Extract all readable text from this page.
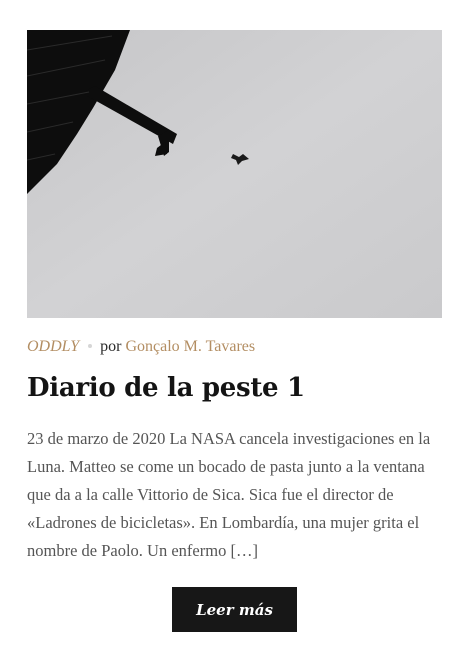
ODDLY por Gonçalo M. Tavares
Diario de la peste 1

23 de marzo de 2020 La NASA cancela investigaciones en la Luna. Matteo se come un bocado de pasta junto a la ventana que da a la calle Vittorio de Sica. Sica fue el director de «Ladrones de bicicletas». En Lombardía, una mujer grita el nombre de Paolo. Un enfermo […]

Leer más
